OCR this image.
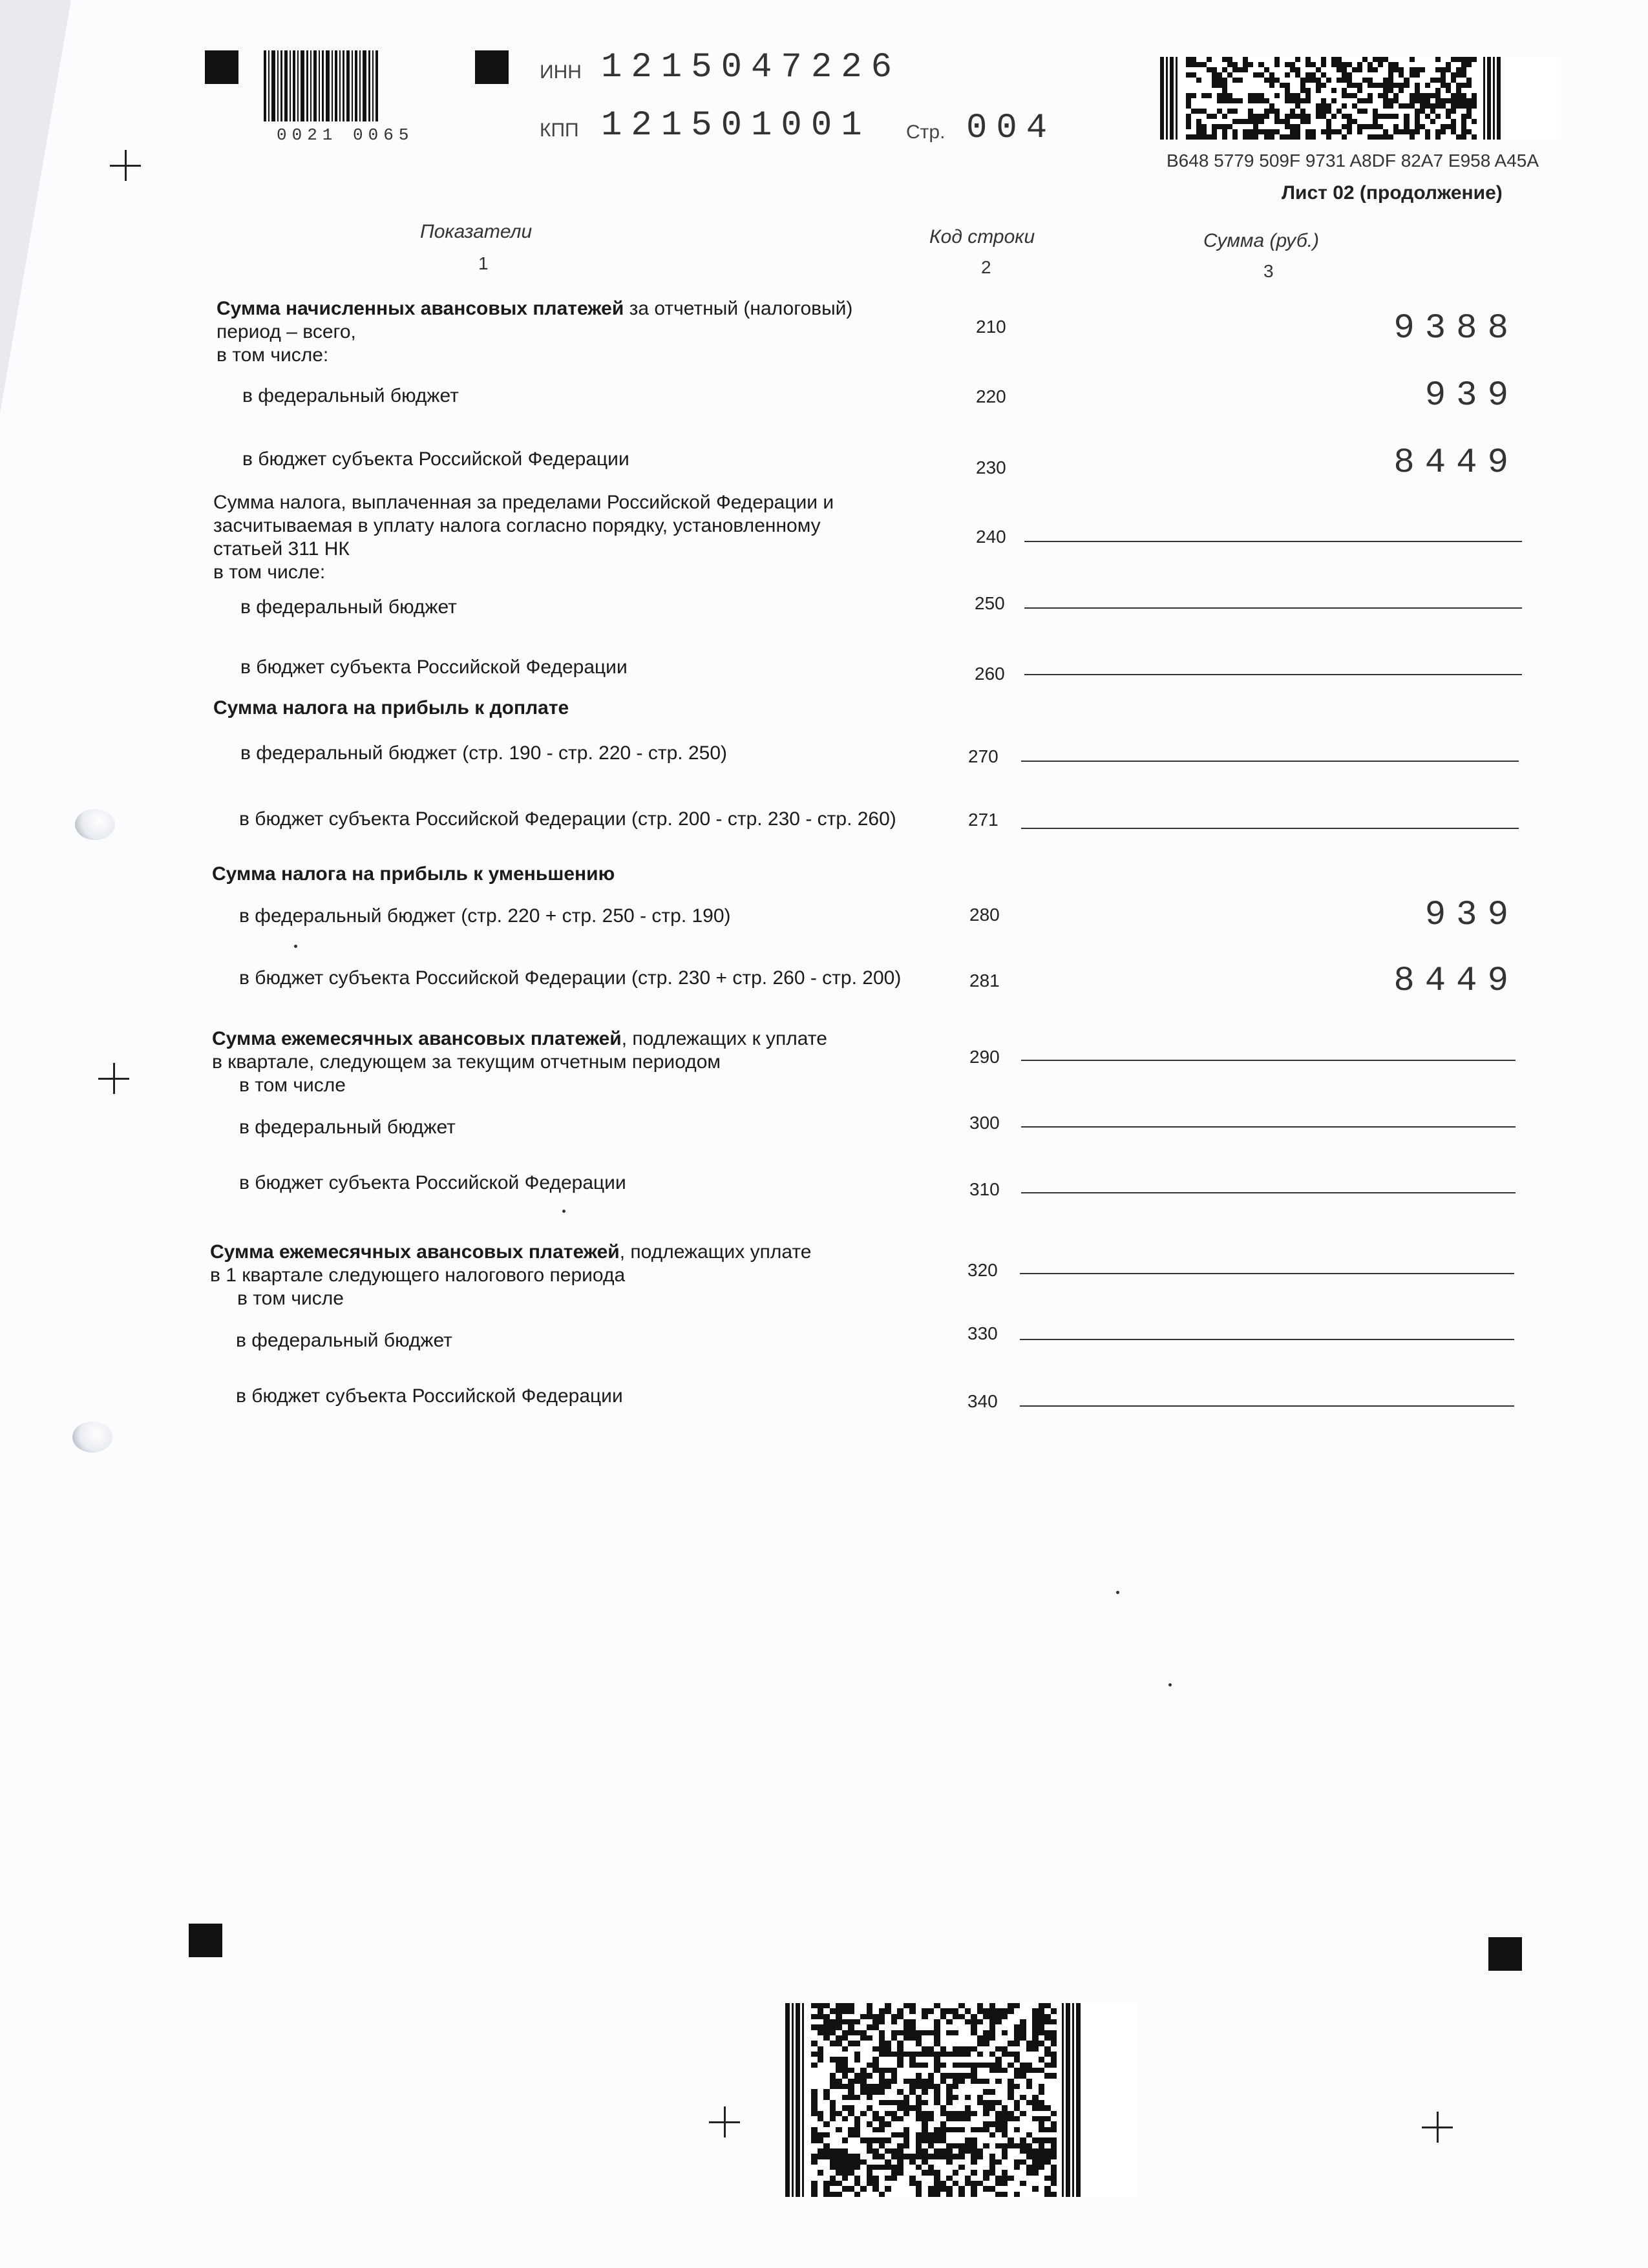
0021 0065
ИНН 1215047226
КПП 121501001 Стр. 004
B648 5779 509F 9731 A8DF 82A7 E958 A45A
Лист 02 (продолжение)
Показатели	Код строки	Сумма (руб.)
1	2	3
Сумма начисленных авансовых платежей за отчетный (налоговый)
период – всего,
в том числе:
210	9388
в федеральный бюджет	220	939
в бюджет субъекта Российской Федерации	230	8449
Сумма налога, выплаченная за пределами Российской Федерации и
засчитываемая в уплату налога согласно порядку, установленному
статьей 311 НК
в том числе:
240
в федеральный бюджет	250
в бюджет субъекта Российской Федерации	260
Сумма налога на прибыль к доплате
в федеральный бюджет (стр. 190 - стр. 220 - стр. 250)	270
в бюджет субъекта Российской Федерации (стр. 200 - стр. 230 - стр. 260)	271
Сумма налога на прибыль к уменьшению
в федеральный бюджет (стр. 220 + стр. 250 - стр. 190)	280	939
в бюджет субъекта Российской Федерации (стр. 230 + стр. 260 - стр. 200)	281	8449
Сумма ежемесячных авансовых платежей, подлежащих к уплате
в квартале, следующем за текущим отчетным периодом
в том числе
290
в федеральный бюджет	300
в бюджет субъекта Российской Федерации	310
Сумма ежемесячных авансовых платежей, подлежащих уплате
в 1 квартале следующего налогового периода
в том числе
320
в федеральный бюджет	330
в бюджет субъекта Российской Федерации	340
